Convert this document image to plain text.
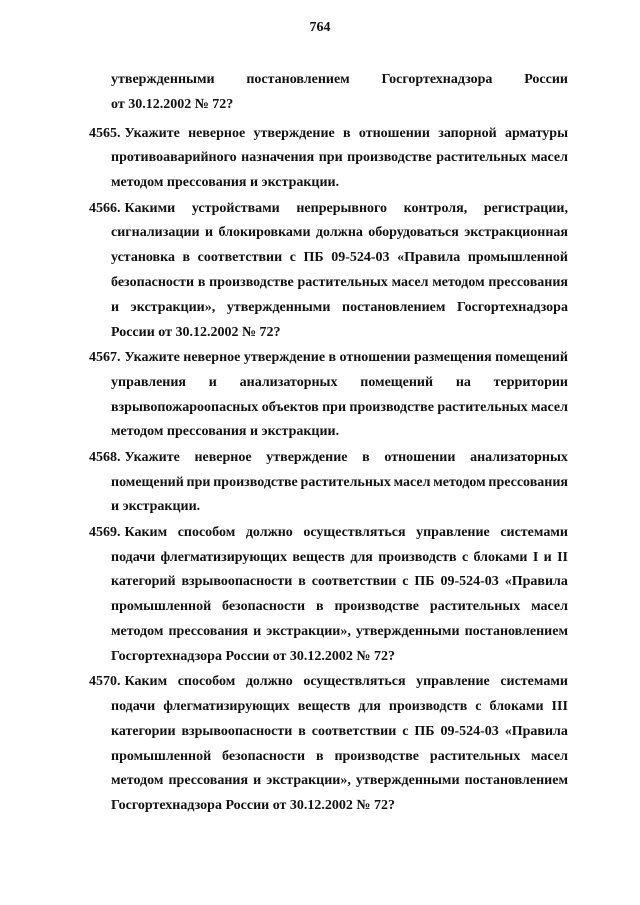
764
утвержденными постановлением Госгортехнадзора России
от 30.12.2002 № 72?
4565. Укажите неверное утверждение в отношении запорной арматуры
противоаварийного назначения при производстве растительных масел
методом прессования и экстракции.
4566. Какими устройствами непрерывного контроля, регистрации,
сигнализации и блокировками должна оборудоваться экстракционная
установка в соответствии с ПБ 09-524-03 «Правила промышленной
безопасности в производстве растительных масел методом прессования
и экстракции», утвержденными постановлением Госгортехнадзора
России от 30.12.2002 № 72?
4567. Укажите неверное утверждение в отношении размещения помещений
управления и анализаторных помещений на территории
взрывопожароопасных объектов при производстве растительных масел
методом прессования и экстракции.
4568. Укажите неверное утверждение в отношении анализаторных
помещений при производстве растительных масел методом прессования
и экстракции.
4569. Каким способом должно осуществляться управление системами
подачи флегматизирующих веществ для производств с блоками I и II
категорий взрывоопасности в соответствии с ПБ 09-524-03 «Правила
промышленной безопасности в производстве растительных масел
методом прессования и экстракции», утвержденными постановлением
Госгортехнадзора России от 30.12.2002 № 72?
4570. Каким способом должно осуществляться управление системами
подачи флегматизирующих веществ для производств с блоками III
категории взрывоопасности в соответствии с ПБ 09-524-03 «Правила
промышленной безопасности в производстве растительных масел
методом прессования и экстракции», утвержденными постановлением
Госгортехнадзора России от 30.12.2002 № 72?
